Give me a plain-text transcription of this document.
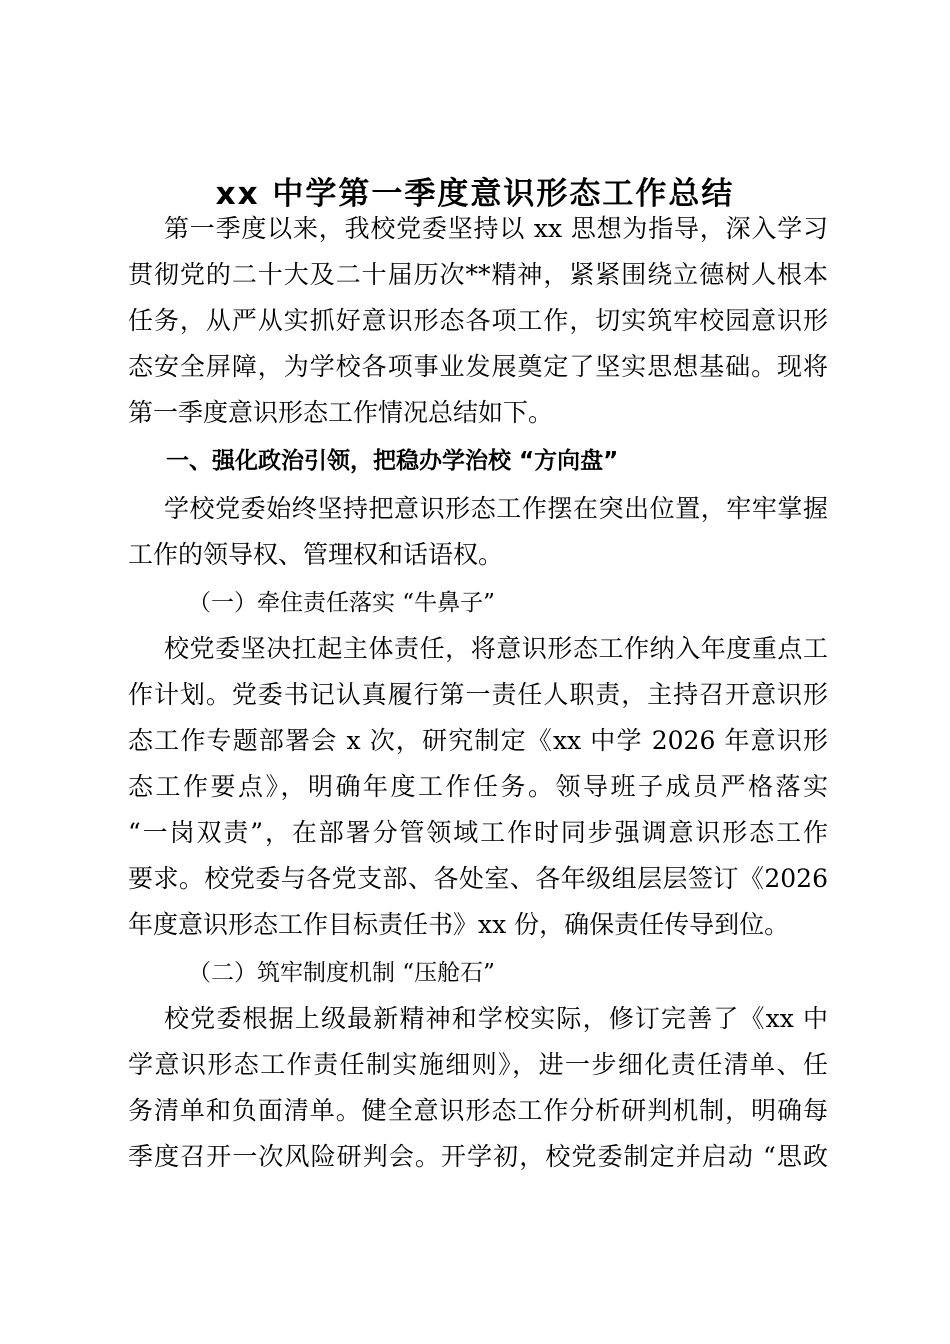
xx 中学第一季度意识形态工作总结
第一季度以来，我校党委坚持以 xx 思想为指导，深入学习
贯彻党的二十大及二十届历次**精神，紧紧围绕立德树人根本
任务，从严从实抓好意识形态各项工作，切实筑牢校园意识形
态安全屏障，为学校各项事业发展奠定了坚实思想基础。现将
第一季度意识形态工作情况总结如下。
一、强化政治引领，把稳办学治校 “方向盘”
学校党委始终坚持把意识形态工作摆在突出位置，牢牢掌握
工作的领导权、管理权和话语权。
（一）牵住责任落实 “牛鼻子”
校党委坚决扛起主体责任，将意识形态工作纳入年度重点工
作计划。党委书记认真履行第一责任人职责，主持召开意识形
态工作专题部署会 x 次，研究制定《xx 中学 2026 年意识形
态工作要点》，明确年度工作任务。领导班子成员严格落实
“一岗双责”，在部署分管领域工作时同步强调意识形态工作
要求。校党委与各党支部、各处室、各年级组层层签订《2026
年度意识形态工作目标责任书》xx 份，确保责任传导到位。
（二）筑牢制度机制 “压舱石”
校党委根据上级最新精神和学校实际，修订完善了《xx 中
学意识形态工作责任制实施细则》，进一步细化责任清单、任
务清单和负面清单。健全意识形态工作分析研判机制，明确每
季度召开一次风险研判会。开学初，校党委制定并启动 “思政
